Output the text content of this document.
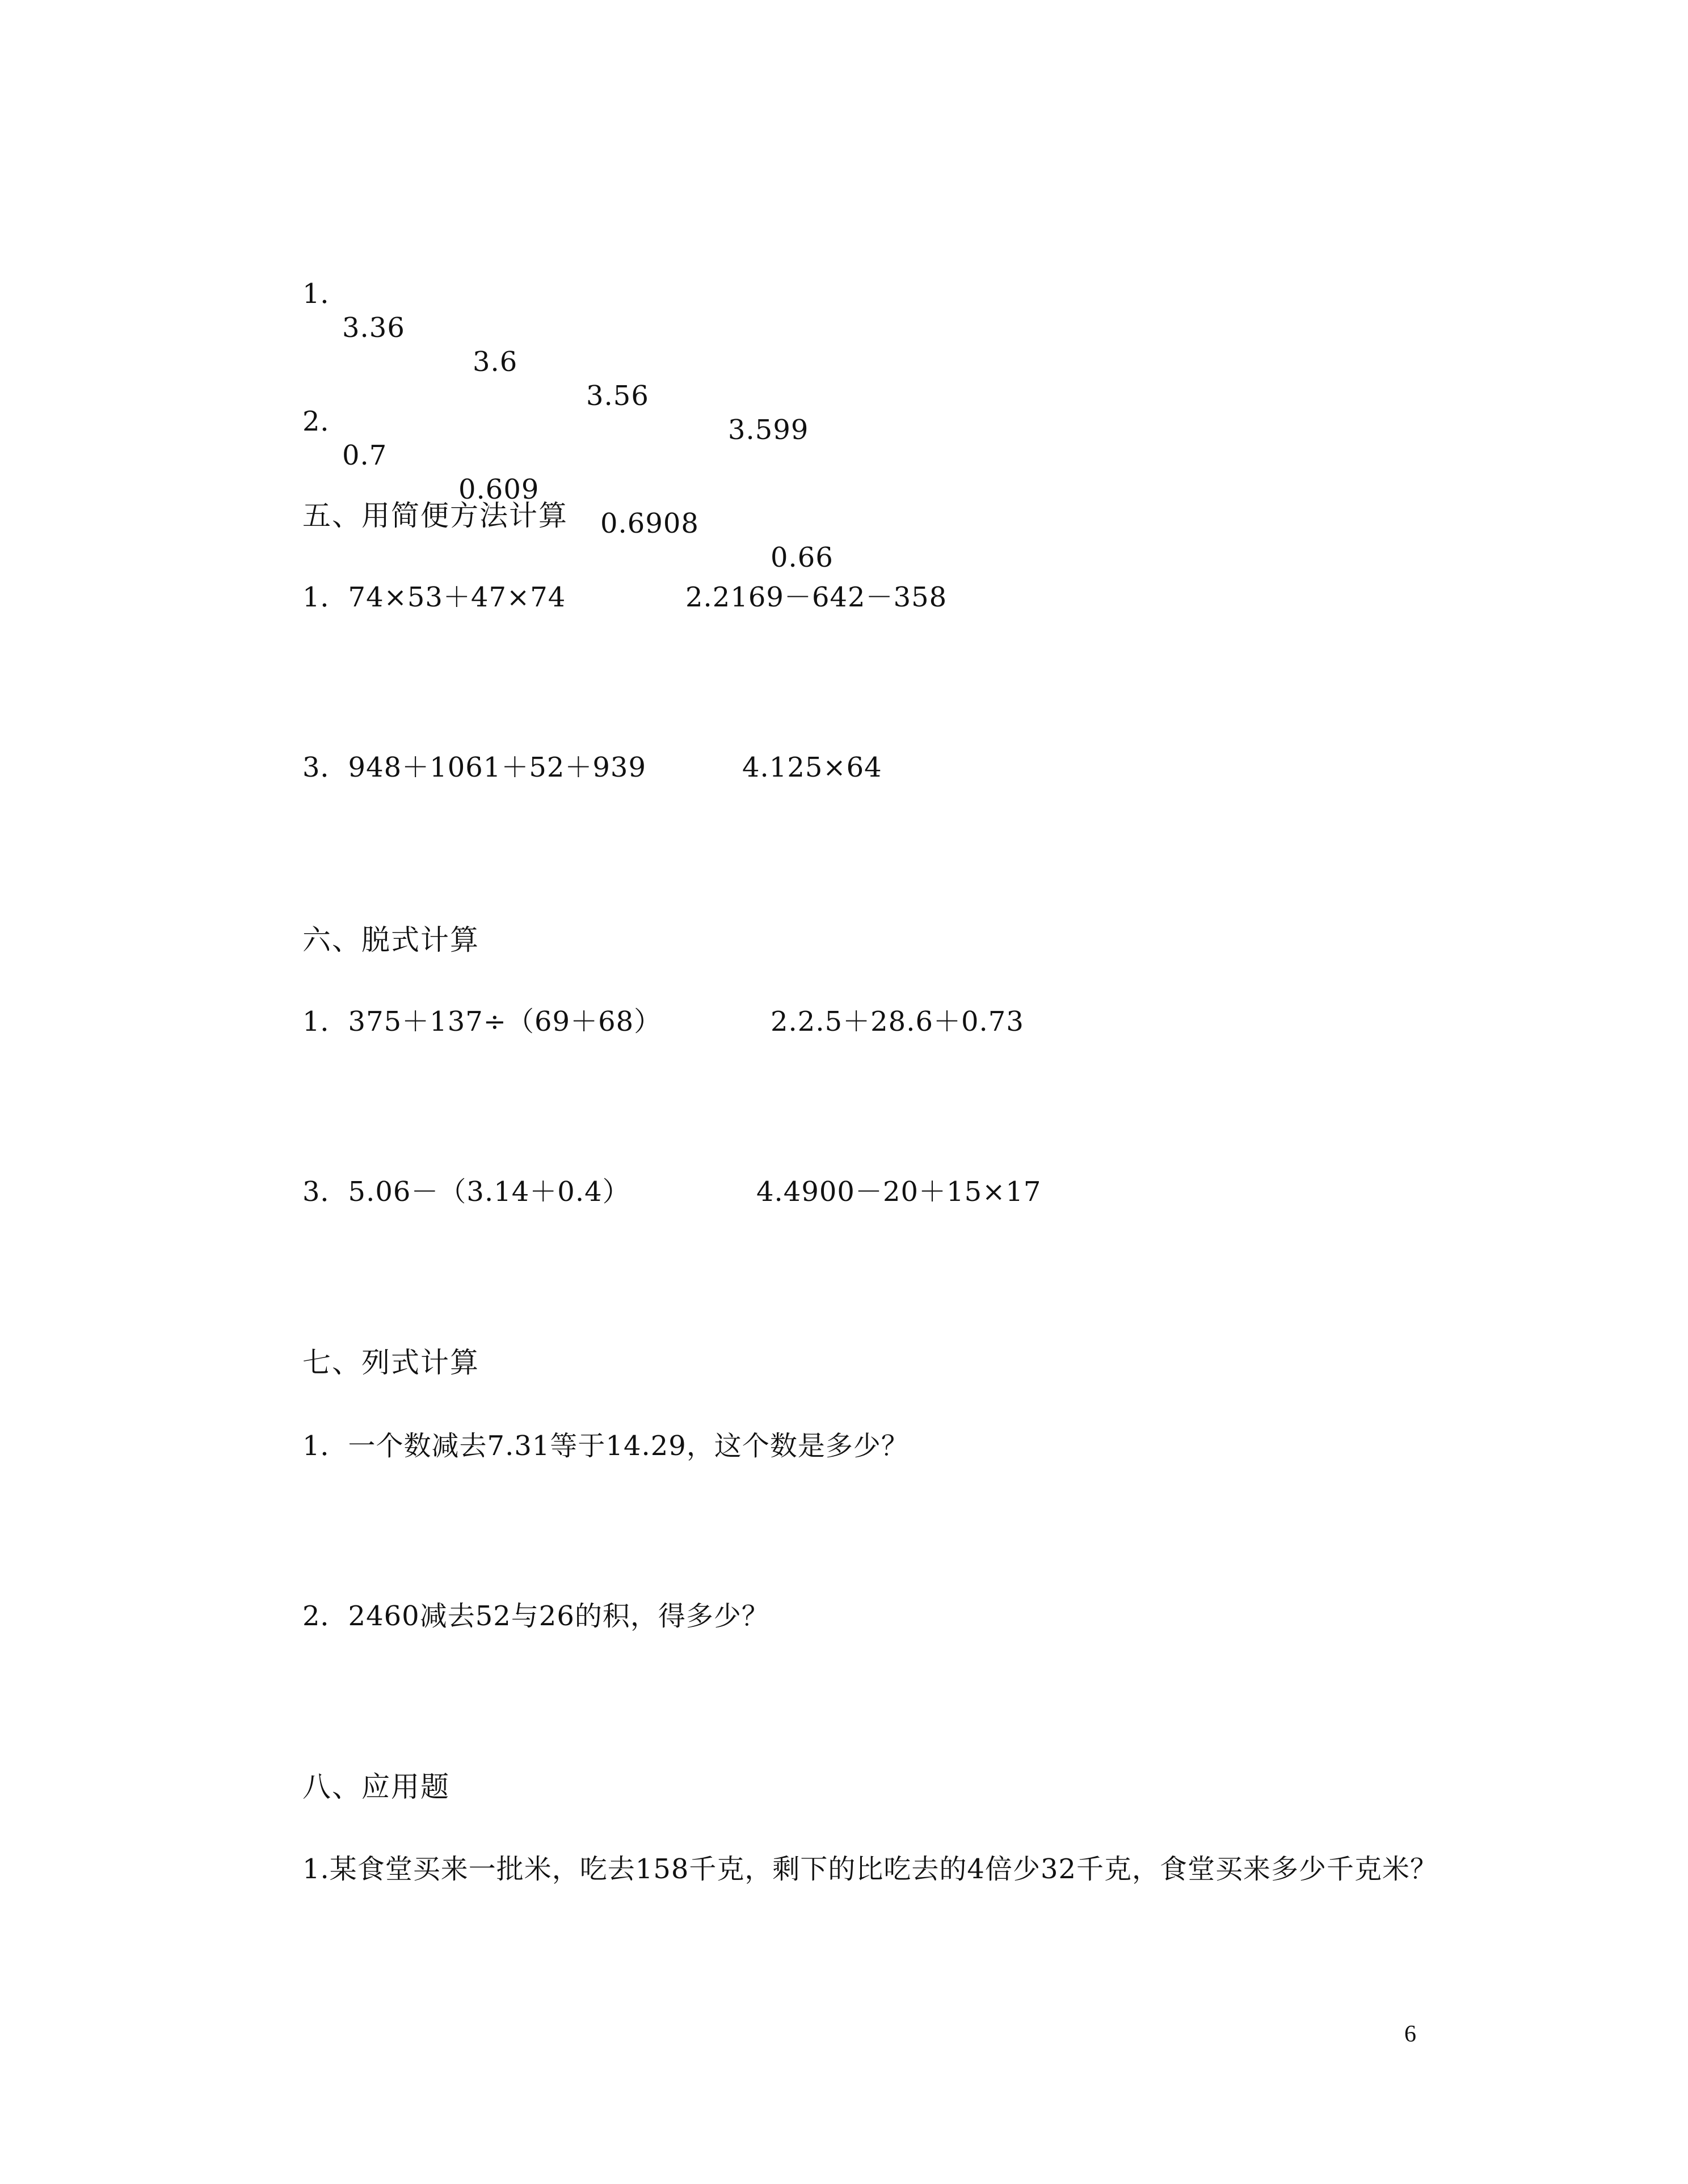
1．

3.36

3.6

3.56

3.599

2．

0.7

0.609

0.6908

0.66

五、用简便方法计算
1．74×53＋47×74	2.2169－642－358
3．948＋1061＋52＋939	4.125×64
六、脱式计算
1．375＋137÷（69＋68）	2.2.5＋28.6＋0.73
3．5.06－（3.14＋0.4）	4.4900－20＋15×17
七、列式计算
1．一个数减去7.31等于14.29，这个数是多少？
2．2460减去52与26的积，得多少？
八、应用题
1.某食堂买来一批米，吃去158千克，剩下的比吃去的4倍少32千克，食堂买来多少千克米？
6
